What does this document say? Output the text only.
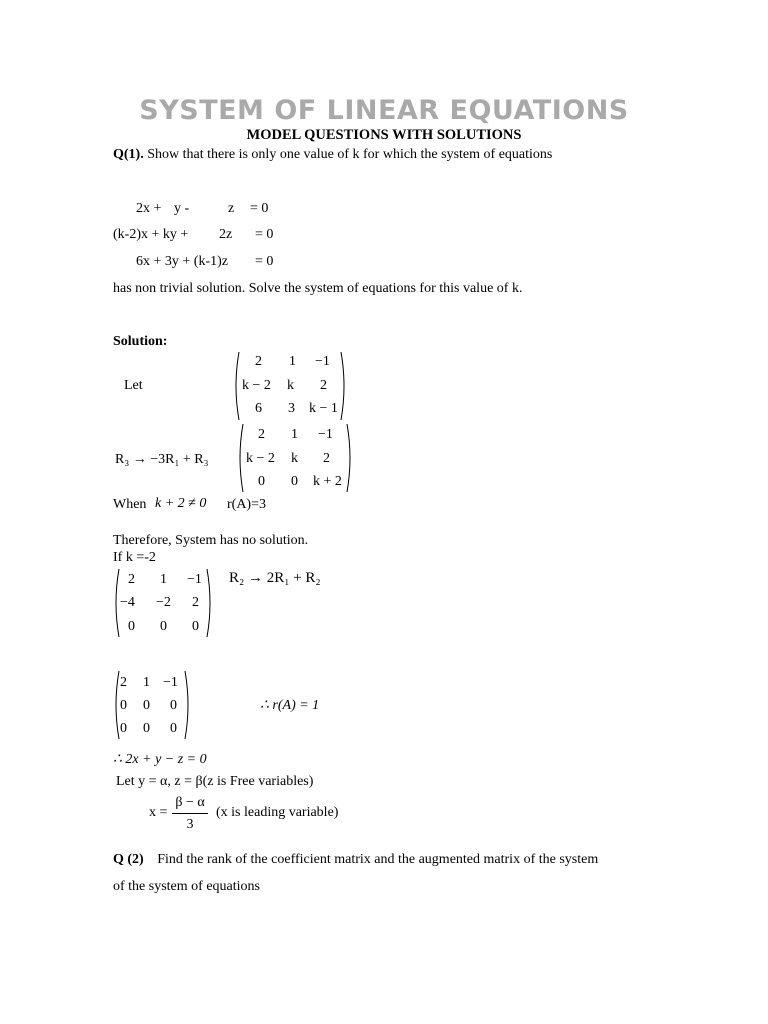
SYSTEM OF LINEAR EQUATIONS
MODEL QUESTIONS WITH SOLUTIONS
Q(1). Show that there is only one value of k for which the system of equations
2x + y -	z = 0
(k-2)x + ky + 2z = 0
6x + 3y + (k-1)z = 0
has non trivial solution. Solve the system of equations for this value of k.
Solution:
Let
2 1 −1
k − 2 k 2
6 3 k − 1
R₃ → −3R₁ + R₃
2 1 −1
k − 2 k 2
0 0 k + 2
When k + 2 ≠ 0 r(A)=3
Therefore, System has no solution.
If k =-2
2 1 −1
−4 −2 2
0 0 0
R₂ → 2R₁ + R₂
2 1 −1
0 0 0
0 0 0
∴ r(A) = 1
∴ 2x + y − z = 0
Let y = α, z = β(z is Free variables)
x =
β − α
3
(x is leading variable)
Q (2) Find the rank of the coefficient matrix and the augmented matrix of the system
of the system of equations
